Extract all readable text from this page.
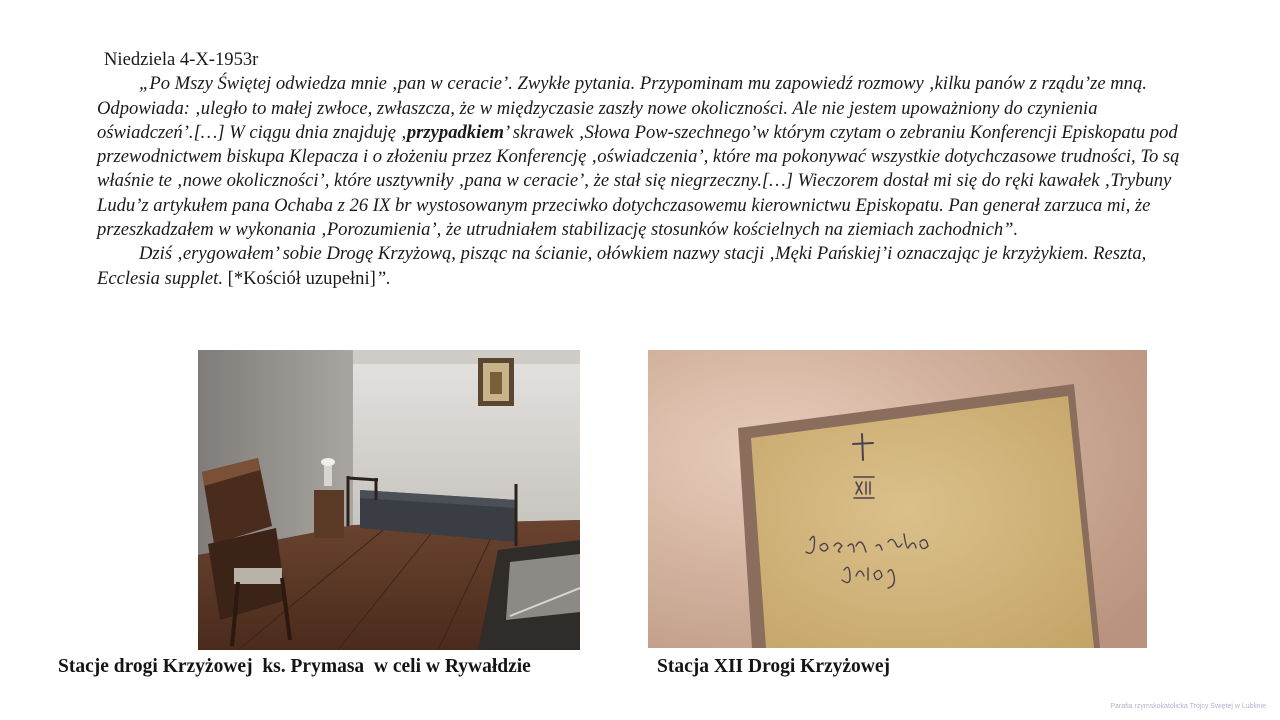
Niedziela 4-X-1953r
„Po Mszy Świętej odwiedza mnie ‚pan w ceracie’. Zwykłe pytania. Przypominam mu zapowiedź rozmowy ‚kilku panów z rządu’ze mną. Odpowiada: ‚uległo to małej zwłoce, zwłaszcza, że w międzyczasie zaszły nowe okoliczności. Ale nie jestem upoważniony do czynienia oświadczeń’.[…] W ciągu dnia znajduję ‚przypadkiem’ skrawek ‚Słowa Pow-szechnego’w którym czytam o zebraniu Konferencji Episkopatu pod przewodnictwem biskupa Klepacza i o złożeniu przez Konferencję ‚oświadczenia’, które ma pokonywać wszystkie dotychczasowe trudności, To są właśnie te ‚nowe okoliczności’, które usztywniły ‚pana w ceracie’, że stał się niegrzeczny.[…] Wieczorem dostał mi się do ręki kawałek ‚Trybuny Ludu’z artykułem pana Ochaba z 26 IX br wystosowanym przeciwko dotychczasowemu kierownictwu Episkopatu. Pan generał zarzuca mi, że przeszkadzałem w wykonania ‚Porozumienia’, że utrudniałem stabilizację stosunków kościelnych na ziemiach zachodnich”.
Dziś ‚erygowałem’ sobie Drogę Krzyżową, pisząc na ścianie, ołówkiem nazwy stacji ‚Męki Pańskiej’i oznaczając je krzyżykiem. Reszta, Ecclesia supplet. [*Kościół uzupełni]”.
Stacje drogi Krzyżowej  ks. Prymasa  w celi w Rywałdzie	Stacja XII Drogi Krzyżowej
Parafia rzymskokatolicka Trójcy Świętej w Lublinie
